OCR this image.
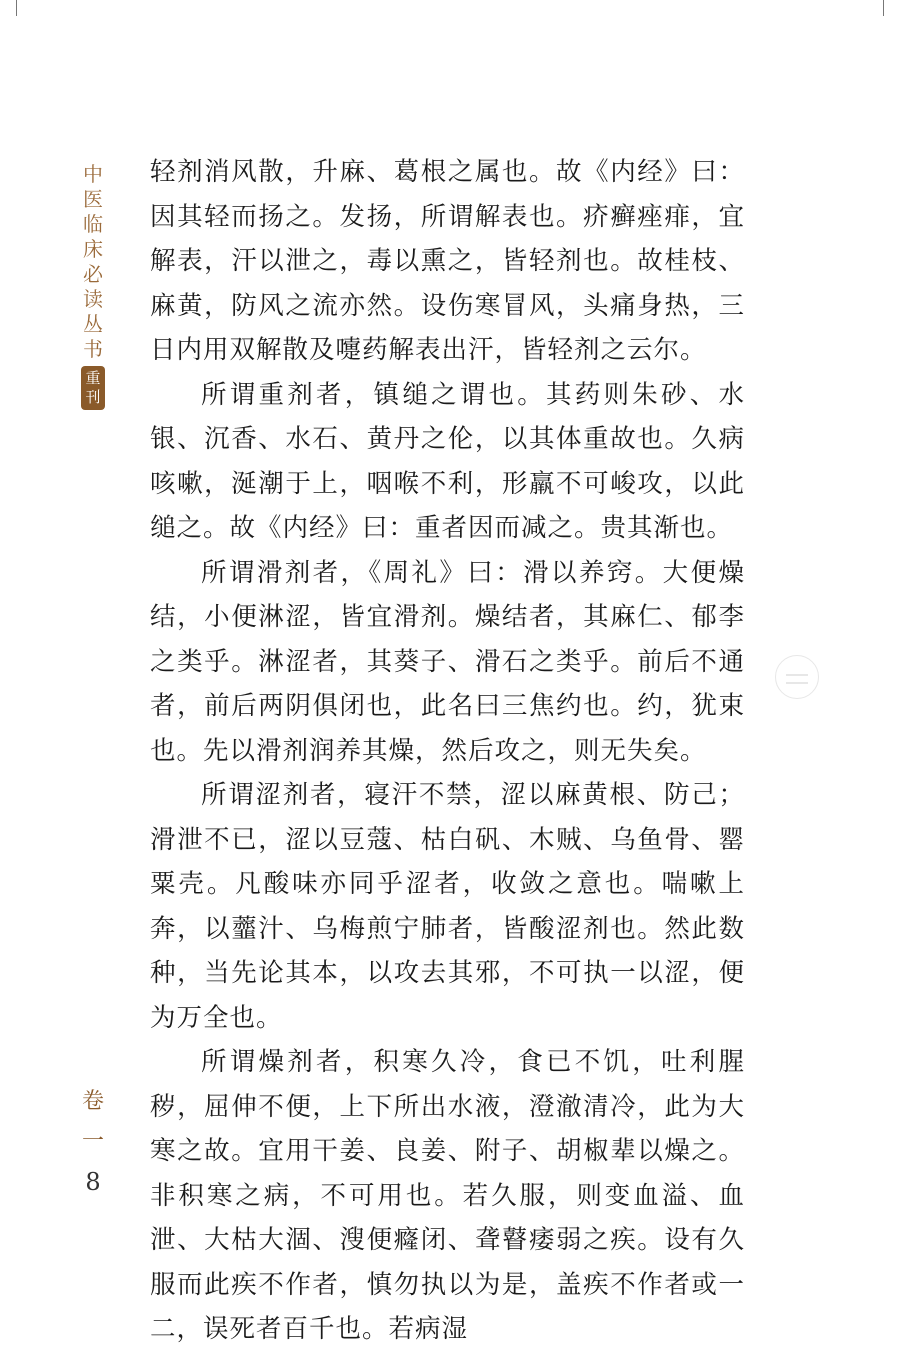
中
医
临
床
必
读
丛
书
重刊

轻剂消风散，升麻、葛根之属也。故《内经》曰：因其轻而扬之。发扬，所谓解表也。疥癣痤痱，宜解表，汗以泄之，毒以熏之，皆轻剂也。故桂枝、麻黄，防风之流亦然。设伤寒冒风，头痛身热，三日内用双解散及嚏药解表出汗，皆轻剂之云尔。

所谓重剂者，镇缒之谓也。其药则朱砂、水银、沉香、水石、黄丹之伦，以其体重故也。久病咳嗽，涎潮于上，咽喉不利，形羸不可峻攻，以此缒之。故《内经》曰：重者因而减之。贵其渐也。

所谓滑剂者，《周礼》曰：滑以养窍。大便燥结，小便淋涩，皆宜滑剂。燥结者，其麻仁、郁李之类乎。淋涩者，其葵子、滑石之类乎。前后不通者，前后两阴俱闭也，此名曰三焦约也。约，犹束也。先以滑剂润养其燥，然后攻之，则无失矣。

所谓涩剂者，寝汗不禁，涩以麻黄根、防己；滑泄不已，涩以豆蔻、枯白矾、木贼、乌鱼骨、罂粟壳。凡酸味亦同乎涩者，收敛之意也。喘嗽上奔，以虀汁、乌梅煎宁肺者，皆酸涩剂也。然此数种，当先论其本，以攻去其邪，不可执一以涩，便为万全也。

所谓燥剂者，积寒久冷，食已不饥，吐利腥秽，屈伸不便，上下所出水液，澄澈清冷，此为大寒之故。宜用干姜、良姜、附子、胡椒辈以燥之。非积寒之病，不可用也。若久服，则变血溢、血泄、大枯大涸、溲便癃闭、聋瞽痿弱之疾。设有久服而此疾不作者，慎勿执以为是，盖疾不作者或一二，误死者百千也。若病湿

卷
一
8
